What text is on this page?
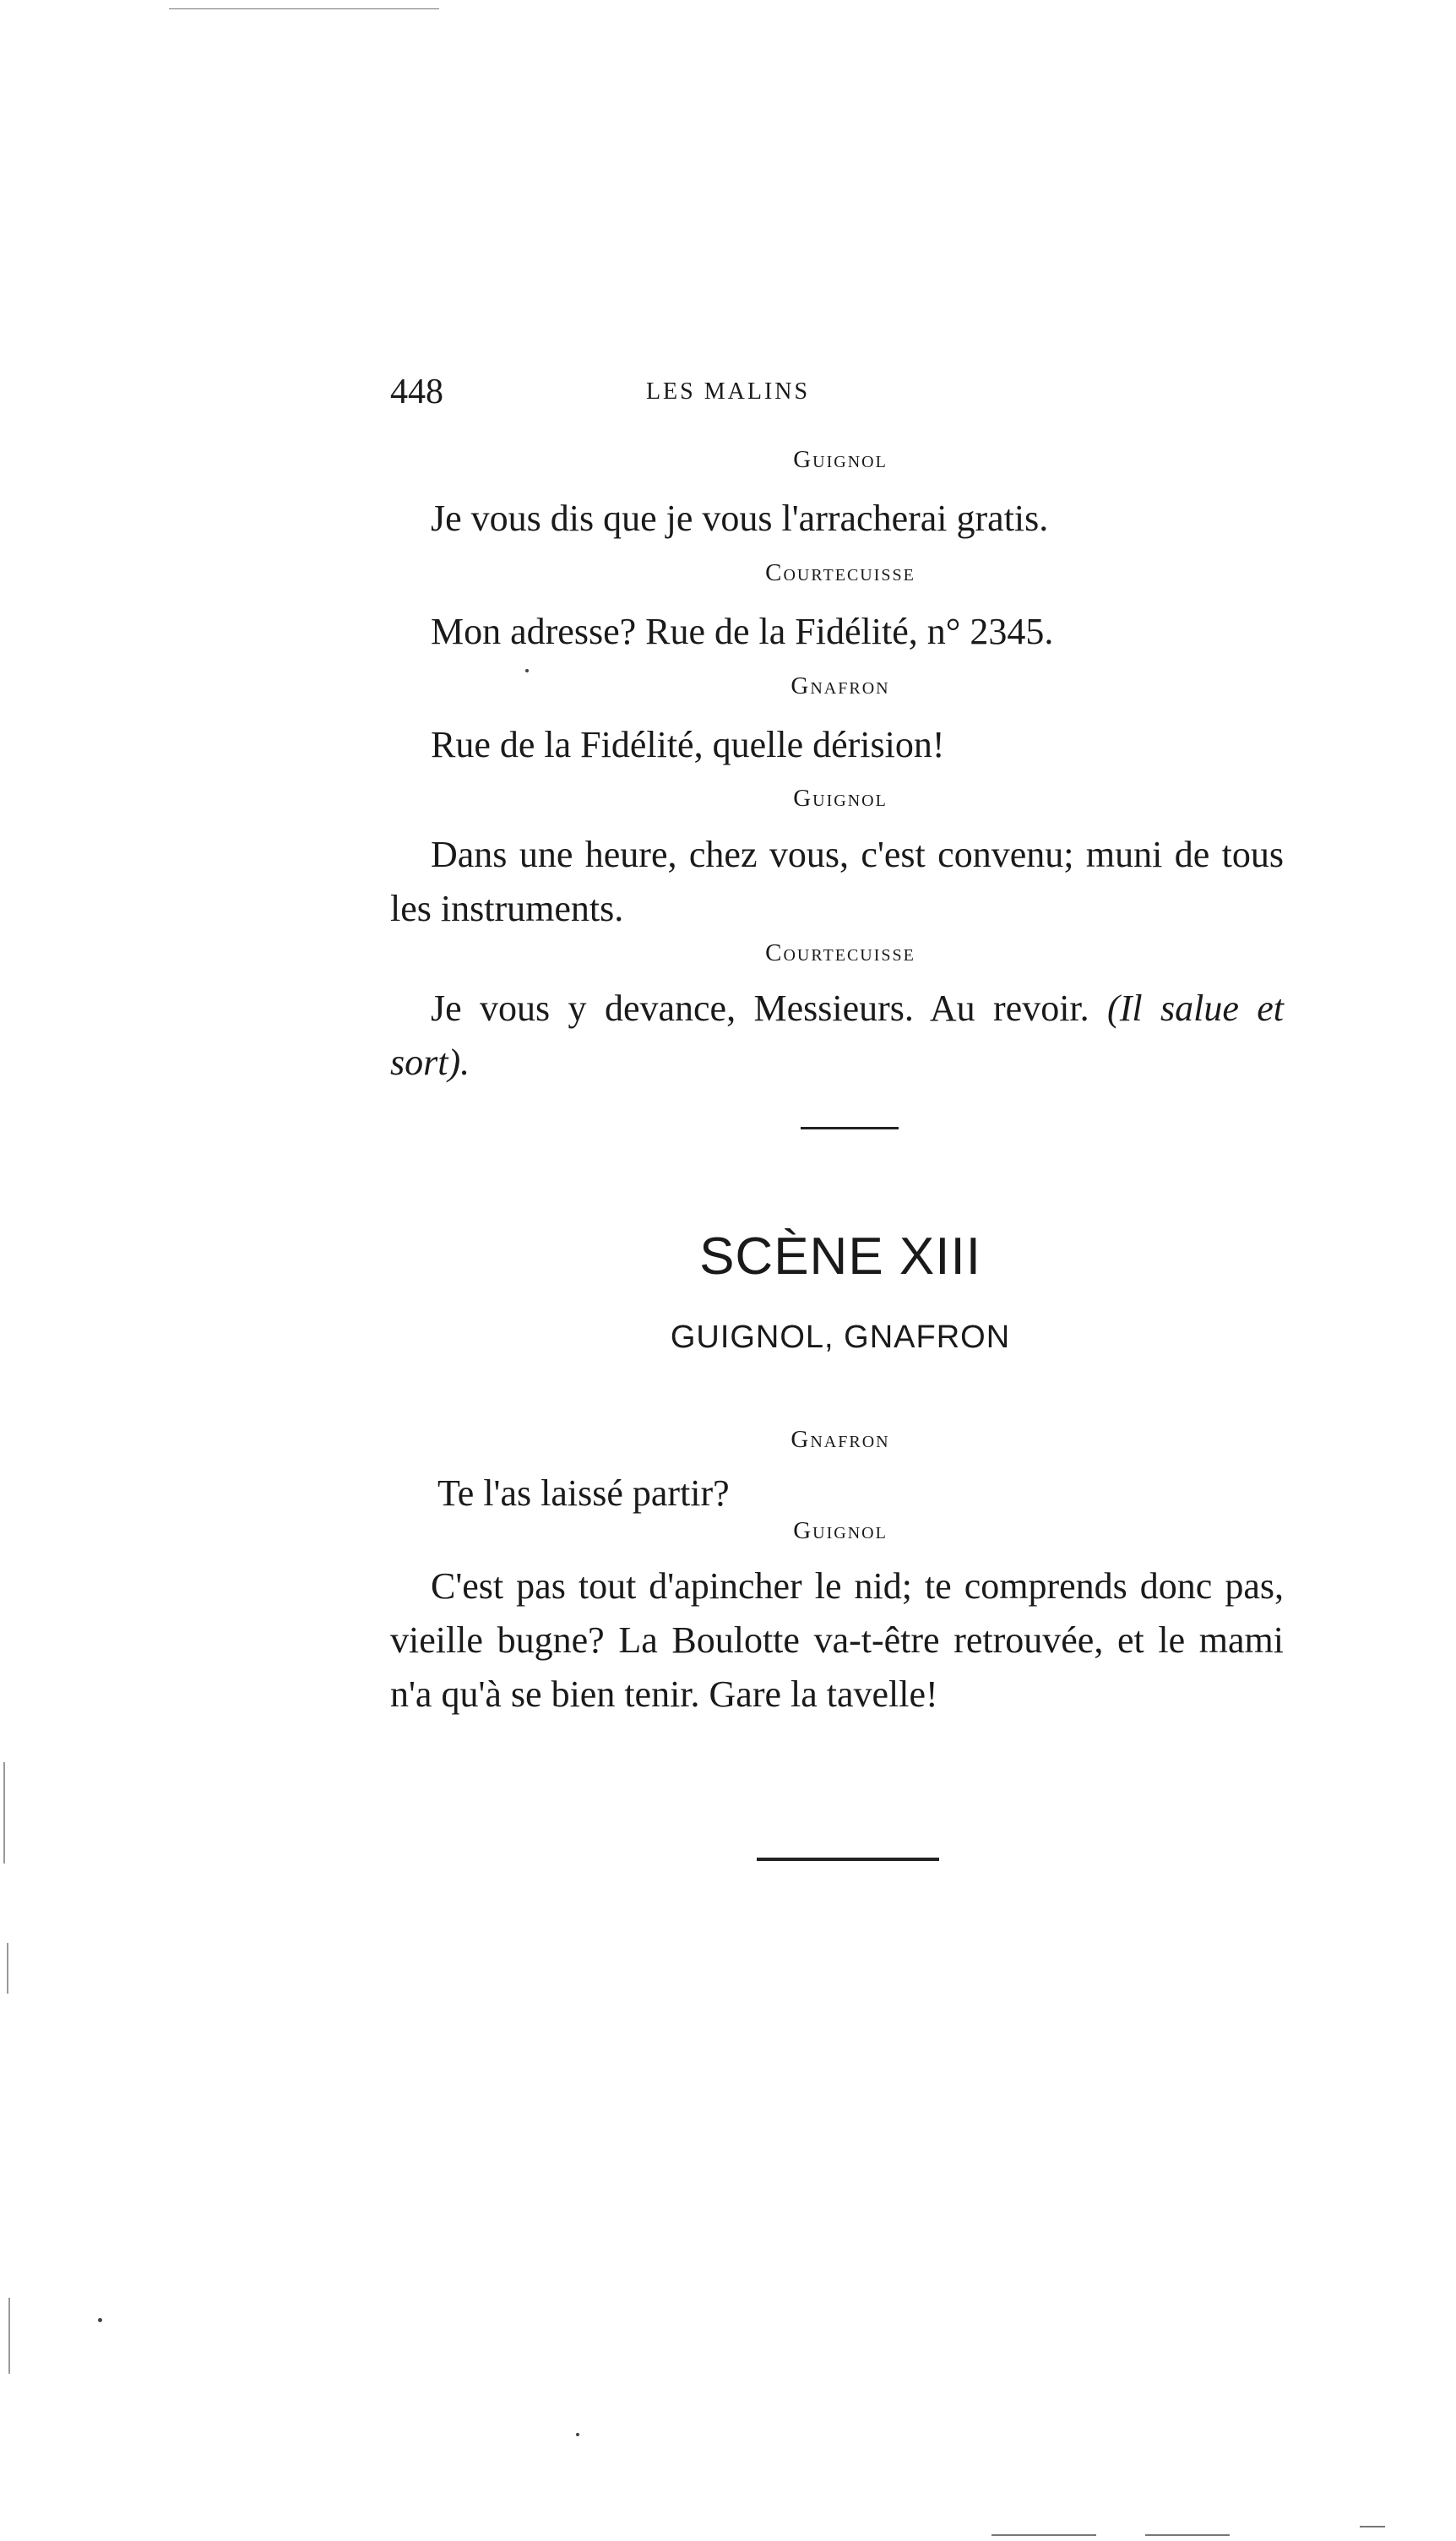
448	LES MALINS
Guignol
Je vous dis que je vous l'arracherai gratis.
Courtecuisse
Mon adresse? Rue de la Fidélité, n° 2345.
Gnafron
Rue de la Fidélité, quelle dérision!
Guignol
Dans une heure, chez vous, c'est convenu; muni de tous les instruments.
Courtecuisse
Je vous y devance, Messieurs. Au revoir. (Il salue et sort).
SCÈNE XIII
GUIGNOL, GNAFRON
Gnafron
Te l'as laissé partir?
Guignol
C'est pas tout d'apincher le nid; te comprends donc pas, vieille bugne? La Boulotte va-t-être retrouvée, et le mami n'a qu'à se bien tenir. Gare la tavelle!
